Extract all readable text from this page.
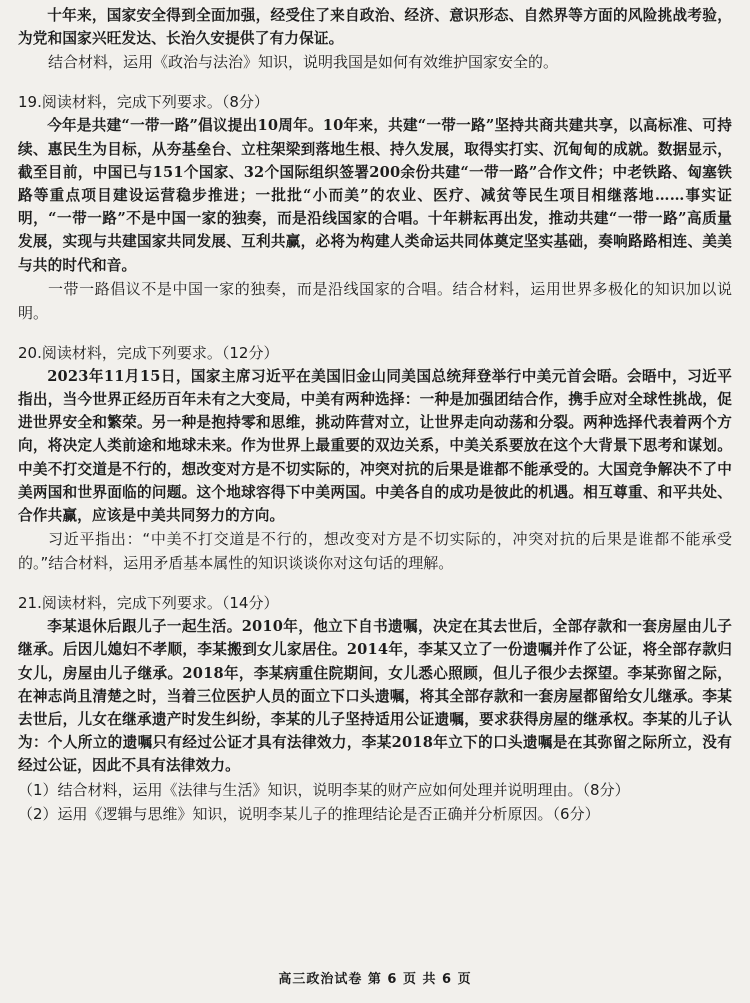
十年来，国家安全得到全面加强，经受住了来自政治、经济、意识形态、自然界等方面的风险挑战考验，为党和国家兴旺发达、长治久安提供了有力保证。

结合材料，运用《政治与法治》知识，说明我国是如何有效维护国家安全的。

19.阅读材料，完成下列要求。（8分）

今年是共建“一带一路”倡议提出10周年。10年来，共建“一带一路”坚持共商共建共享，以高标准、可持续、惠民生为目标，从夯基垒台、立柱架梁到落地生根、持久发展，取得实打实、沉甸甸的成就。数据显示，截至目前，中国已与151个国家、32个国际组织签署200余份共建“一带一路”合作文件；中老铁路、匈塞铁路等重点项目建设运营稳步推进；一批批“小而美”的农业、医疗、减贫等民生项目相继落地……事实证明，“一带一路”不是中国一家的独奏，而是沿线国家的合唱。十年耕耘再出发，推动共建“一带一路”高质量发展，实现与共建国家共同发展、互利共赢，必将为构建人类命运共同体奠定坚实基础，奏响路路相连、美美与共的时代和音。

一带一路倡议不是中国一家的独奏，而是沿线国家的合唱。结合材料，运用世界多极化的知识加以说明。

20.阅读材料，完成下列要求。（12分）

2023年11月15日，国家主席习近平在美国旧金山同美国总统拜登举行中美元首会晤。会晤中，习近平指出，当今世界正经历百年未有之大变局，中美有两种选择：一种是加强团结合作，携手应对全球性挑战，促进世界安全和繁荣。另一种是抱持零和思维，挑动阵营对立，让世界走向动荡和分裂。两种选择代表着两个方向，将决定人类前途和地球未来。作为世界上最重要的双边关系，中美关系要放在这个大背景下思考和谋划。中美不打交道是不行的，想改变对方是不切实际的，冲突对抗的后果是谁都不能承受的。大国竞争解决不了中美两国和世界面临的问题。这个地球容得下中美两国。中美各自的成功是彼此的机遇。相互尊重、和平共处、合作共赢，应该是中美共同努力的方向。

习近平指出：“中美不打交道是不行的，想改变对方是不切实际的，冲突对抗的后果是谁都不能承受的。”结合材料，运用矛盾基本属性的知识谈谈你对这句话的理解。

21.阅读材料，完成下列要求。（14分）

李某退休后跟儿子一起生活。2010年，他立下自书遗嘱，决定在其去世后，全部存款和一套房屋由儿子继承。后因儿媳妇不孝顺，李某搬到女儿家居住。2014年，李某又立了一份遗嘱并作了公证，将全部存款归女儿，房屋由儿子继承。2018年，李某病重住院期间，女儿悉心照顾，但儿子很少去探望。李某弥留之际，在神志尚且清楚之时，当着三位医护人员的面立下口头遗嘱，将其全部存款和一套房屋都留给女儿继承。李某去世后，儿女在继承遗产时发生纠纷，李某的儿子坚持适用公证遗嘱，要求获得房屋的继承权。李某的儿子认为：个人所立的遗嘱只有经过公证才具有法律效力，李某2018年立下的口头遗嘱是在其弥留之际所立，没有经过公证，因此不具有法律效力。

（1）结合材料，运用《法律与生活》知识，说明李某的财产应如何处理并说明理由。（8分）

（2）运用《逻辑与思维》知识，说明李某儿子的推理结论是否正确并分析原因。（6分）

高三政治试卷 第 6 页 共 6 页
